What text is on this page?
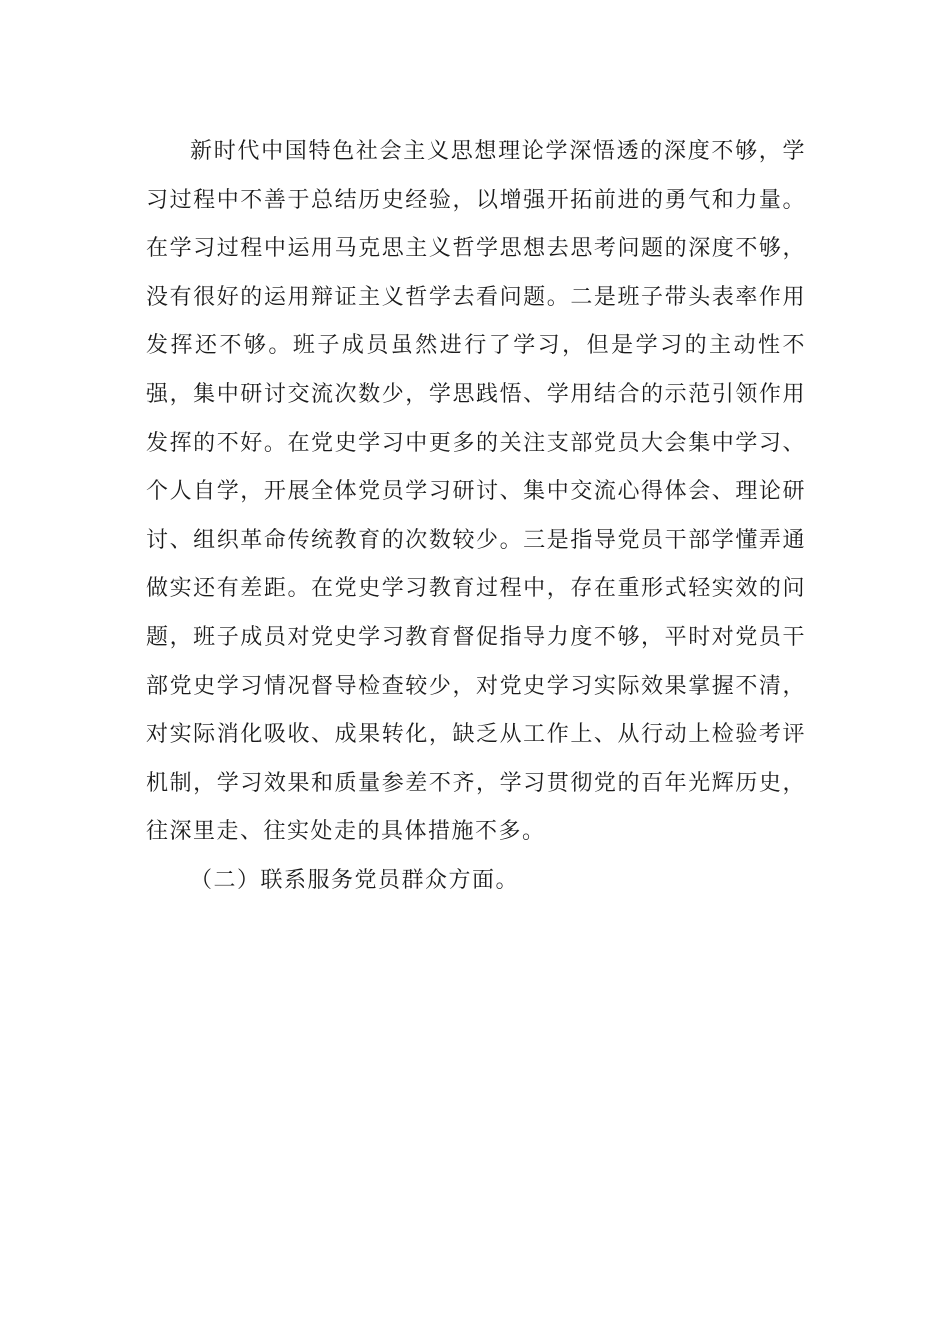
新时代中国特色社会主义思想理论学深悟透的深度不够，学习过程中不善于总结历史经验，以增强开拓前进的勇气和力量。在学习过程中运用马克思主义哲学思想去思考问题的深度不够，没有很好的运用辩证主义哲学去看问题。二是班子带头表率作用发挥还不够。班子成员虽然进行了学习，但是学习的主动性不强，集中研讨交流次数少，学思践悟、学用结合的示范引领作用发挥的不好。在党史学习中更多的关注支部党员大会集中学习、个人自学，开展全体党员学习研讨、集中交流心得体会、理论研讨、组织革命传统教育的次数较少。三是指导党员干部学懂弄通做实还有差距。在党史学习教育过程中，存在重形式轻实效的问题，班子成员对党史学习教育督促指导力度不够，平时对党员干部党史学习情况督导检查较少，对党史学习实际效果掌握不清，对实际消化吸收、成果转化，缺乏从工作上、从行动上检验考评机制，学习效果和质量参差不齐，学习贯彻党的百年光辉历史，往深里走、往实处走的具体措施不多。

（二）联系服务党员群众方面。
